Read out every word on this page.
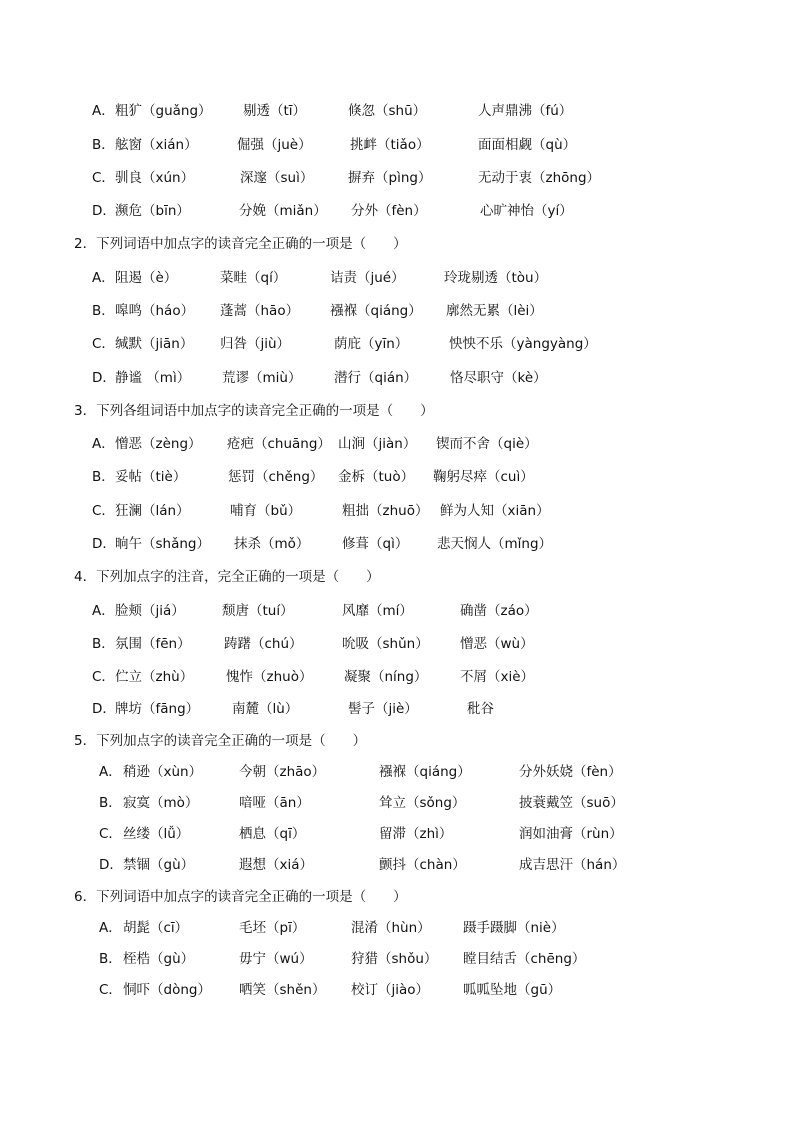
A． 粗犷（guǎng） 剔透（tī）	倏忽（shū）	人声鼎沸（fú）
B． 舷窗（xián）	倔强（juè）	挑衅（tiǎo）	面面相觑（qù）
C． 驯良（xún）	深邃（suì）	摒弃（pìng）	无动于衷（zhōng）
D． 濒危（bīn）	分娩（miǎn） 分外（fèn）	心旷神怡（yí）
2．下列词语中加点字的读音完全正确的一项是（　　）
A． 阻遏（è）	菜畦（qí）	诘责（jué）	玲珑剔透（tòu）
B． 嗥鸣（háo） 蓬蒿（hāo） 襁褓（qiáng） 廓然无累（lèi）
C． 缄默（jiān） 归咎（jiù）	荫庇（yīn）	怏怏不乐（yàngyàng）
D． 静谧 （mì） 荒谬（miù） 潜行（qián） 恪尽职守（kè）
3．下列各组词语中加点字的读音完全正确的一项是（　　）
A． 憎恶（zèng） 疮疤（chuāng） 山涧（jiàn） 锲而不舍（qiè）
B． 妥帖（tiè）	惩罚（chěng） 金柝（tuò） 鞠躬尽瘁（cuì）
C． 狂澜（lán）	哺育（bǔ）	粗拙（zhuō） 鲜为人知（xiān）
D． 晌午（shǎng） 抹杀（mǒ） 修葺（qì） 悲天悯人（mǐng）
4．下列加点字的注音，完全正确的一项是（　　）
A． 脸颊（jiá）	颓唐（tuí）	风靡（mí）	确凿（záo）
B． 氛围（fēn） 踌躇（chú）	吮吸（shǔn） 憎恶（wù）
C． 伫立（zhù） 愧怍（zhuò） 凝聚（níng） 不屑（xiè）
D． 牌坊（fāng） 南麓（lù）	髻子（jiè）	秕谷
5．下列加点字的读音完全正确的一项是（　　）
A． 稍逊（xùn）	今朝（zhāo）	襁褓（qiáng）	分外妖娆（fèn）
B． 寂寞（mò）	喑哑（ān）	耸立（sǒng）	披蓑戴笠（suō）
C． 丝缕（lǚ）	栖息（qī）	留滞（zhì）	润如油膏（rùn）
D． 禁锢（gù）	遐想（xiá）	颤抖（chàn）	成吉思汗（hán）
6．下列词语中加点字的读音完全正确的一项是（　　）
A． 胡髭（cī）	毛坯（pī）	混淆（hùn） 蹑手蹑脚（niè）
B． 桎梏（gù）	毋宁（wú）	狩猎（shǒu） 瞠目结舌（chēng）
C． 恫吓（dòng） 哂笑（shěn） 校订（jiào）	呱呱坠地（gū）
